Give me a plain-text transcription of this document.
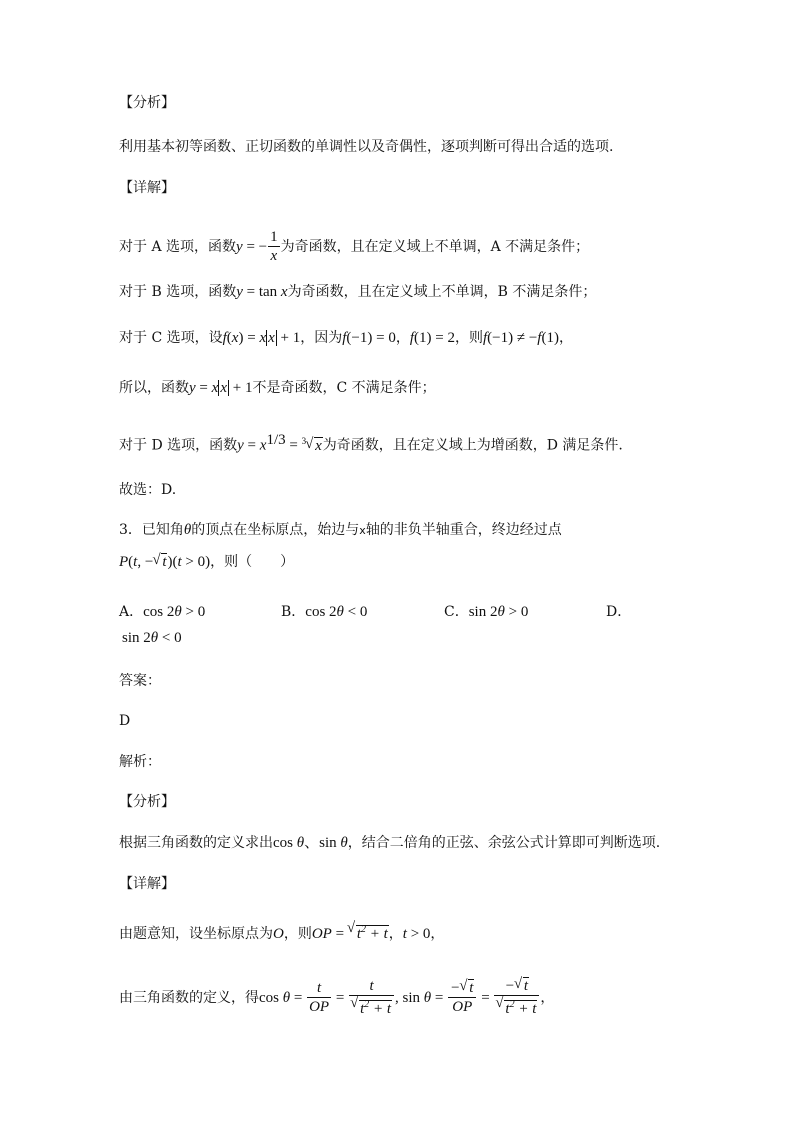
【分析】
利用基本初等函数、正切函数的单调性以及奇偶性，逐项判断可得出合适的选项.
【详解】
对于 A 选项，函数y = − $\frac{1}{x}$ 为奇函数，且在定义域上不单调，A 不满足条件；
对于 B 选项，函数y = tan x为奇函数，且在定义域上不单调，B 不满足条件；
对于 C 选项，设f(x) = x x + 1，因为f(−1) = 0，f(1) = 2，则f(−1) ≠ −f(1)，
所以，函数y = x x + 1不是奇函数，C 不满足条件；
对于 D 选项，函数$y = x^{1/3} = ^3√$ x为奇函数，且在定义域上为增函数，D 满足条件.
故选：D.
3．已知角θ的顶点在坐标原点，始边与x轴的非负半轴重合，终边经过点
P(t, −√ t)(t > 0)，则（　　）
A．cos 2θ > 0	B．cos 2θ < 0	C．sin 2θ > 0	D．
sin 2θ < 0
答案：
D
解析：
【分析】
根据三角函数的定义求出cos θ、sin θ，结合二倍角的正弦、余弦公式计算即可判断选项.
【详解】
由题意知，设坐标原点为O，则OP = √ $t^2 + t$，t > 0，
由三角函数的定义，得$\cos \theta = \frac{t}{OP} = t$
√ $t^2 + t$ , $\sin \theta = \frac{-√ t}{OP}$ = −√ t
√ $t^2 + t$ ，
